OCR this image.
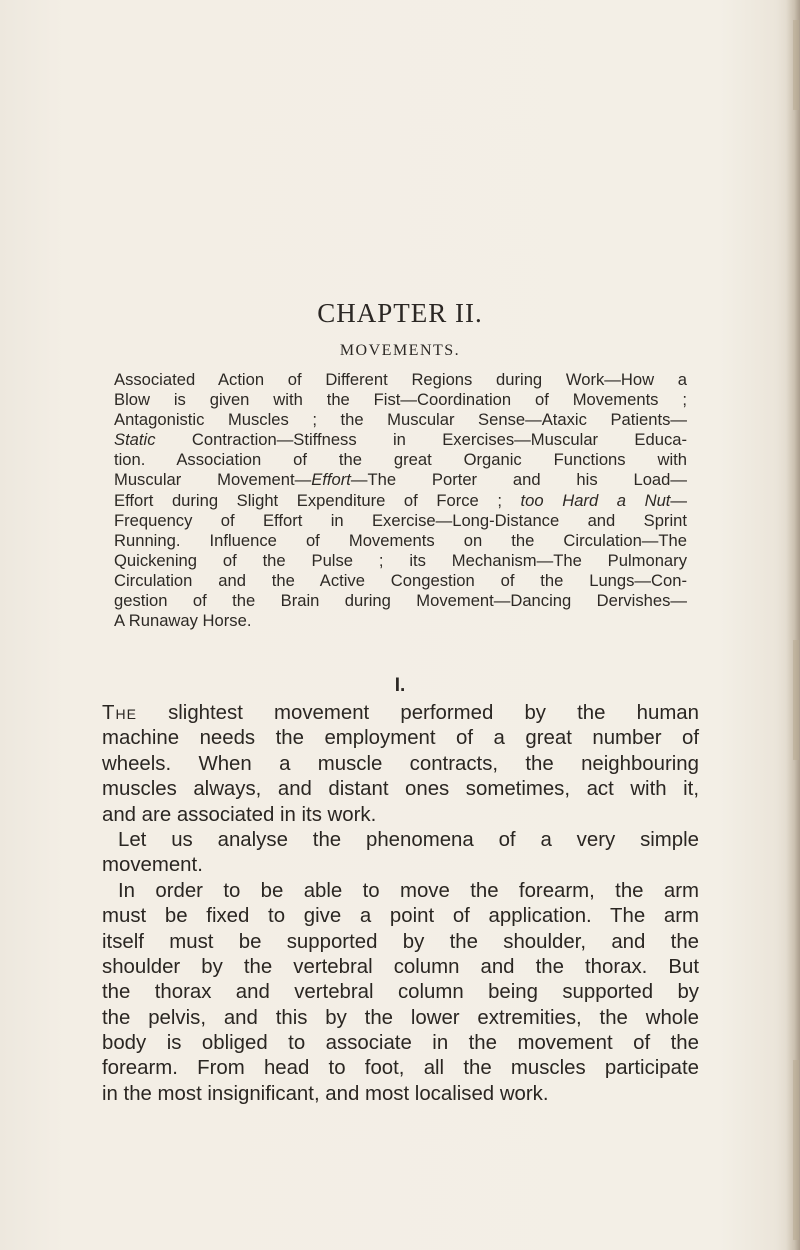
CHAPTER II.
MOVEMENTS.
Associated Action of Different Regions during Work—How a
Blow is given with the Fist—Coordination of Movements ;
Antagonistic Muscles ; the Muscular Sense—Ataxic Patients—
Static Contraction—Stiffness in Exercises—Muscular Educa-
tion. Association of the great Organic Functions with
Muscular Movement—Effort—The Porter and his Load—
Effort during Slight Expenditure of Force ; too Hard a Nut—
Frequency of Effort in Exercise—Long-Distance and Sprint
Running. Influence of Movements on the Circulation—The
Quickening of the Pulse ; its Mechanism—The Pulmonary
Circulation and the Active Congestion of the Lungs—Con-
gestion of the Brain during Movement—Dancing Dervishes—
A Runaway Horse.
I.
The slightest movement performed by the human
machine needs the employment of a great number of
wheels. When a muscle contracts, the neighbouring
muscles always, and distant ones sometimes, act with it,
and are associated in its work.
Let us analyse the phenomena of a very simple
movement.
In order to be able to move the forearm, the arm
must be fixed to give a point of application. The arm
itself must be supported by the shoulder, and the
shoulder by the vertebral column and the thorax. But
the thorax and vertebral column being supported by
the pelvis, and this by the lower extremities, the whole
body is obliged to associate in the movement of the
forearm. From head to foot, all the muscles participate
in the most insignificant, and most localised work.
